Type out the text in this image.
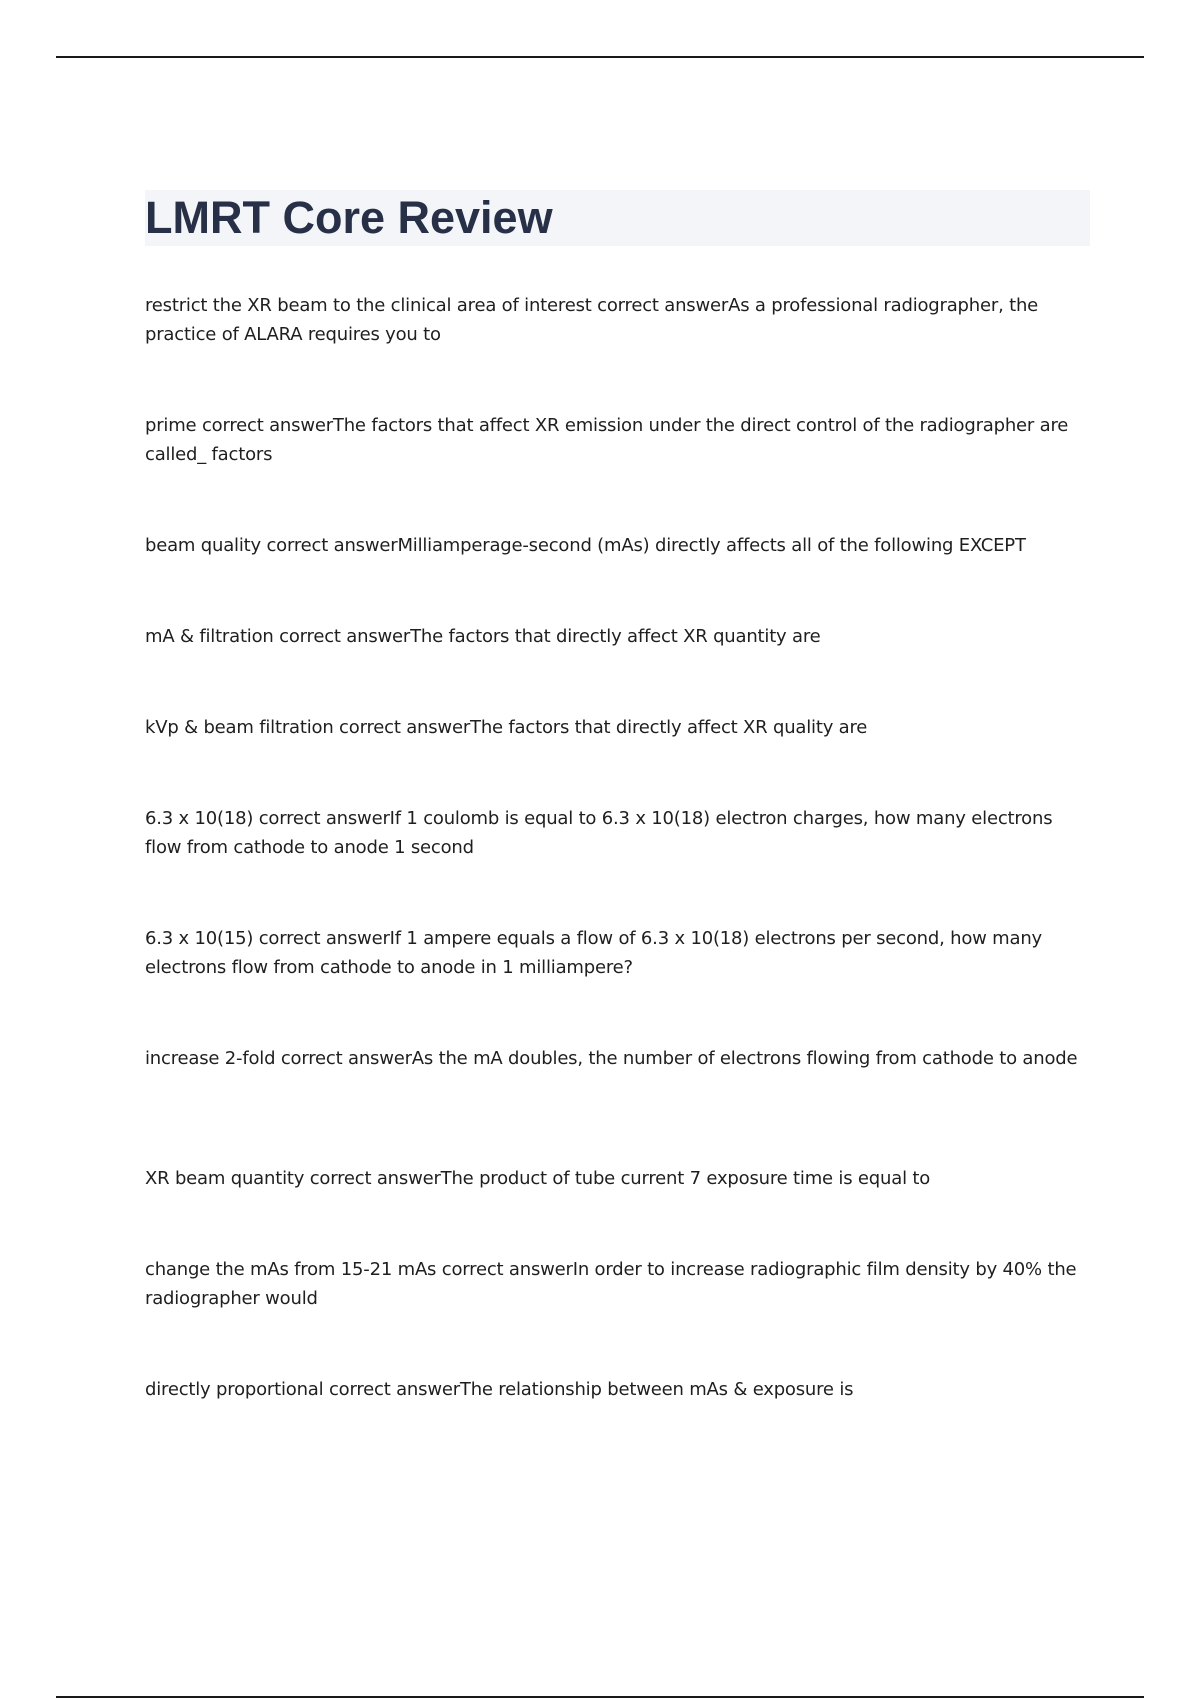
LMRT Core Review
restrict the XR beam to the clinical area of interest correct answerAs a professional radiographer, the practice of ALARA requires you to
prime correct answerThe factors that affect XR emission under the direct control of the radiographer are called_ factors
beam quality correct answerMilliamperage-second (mAs) directly affects all of the following EXCEPT
mA & filtration correct answerThe factors that directly affect XR quantity are
kVp & beam filtration correct answerThe factors that directly affect XR quality are
6.3 x 10(18) correct answerIf 1 coulomb is equal to 6.3 x 10(18) electron charges, how many electrons flow from cathode to anode 1 second
6.3 x 10(15) correct answerIf 1 ampere equals a flow of 6.3 x 10(18) electrons per second, how many electrons flow from cathode to anode in 1 milliampere?
increase 2-fold correct answerAs the mA doubles, the number of electrons flowing from cathode to anode
XR beam quantity correct answerThe product of tube current 7 exposure time is equal to
change the mAs from 15-21 mAs correct answerIn order to increase radiographic film density by 40% the radiographer would
directly proportional correct answerThe relationship between mAs & exposure is
